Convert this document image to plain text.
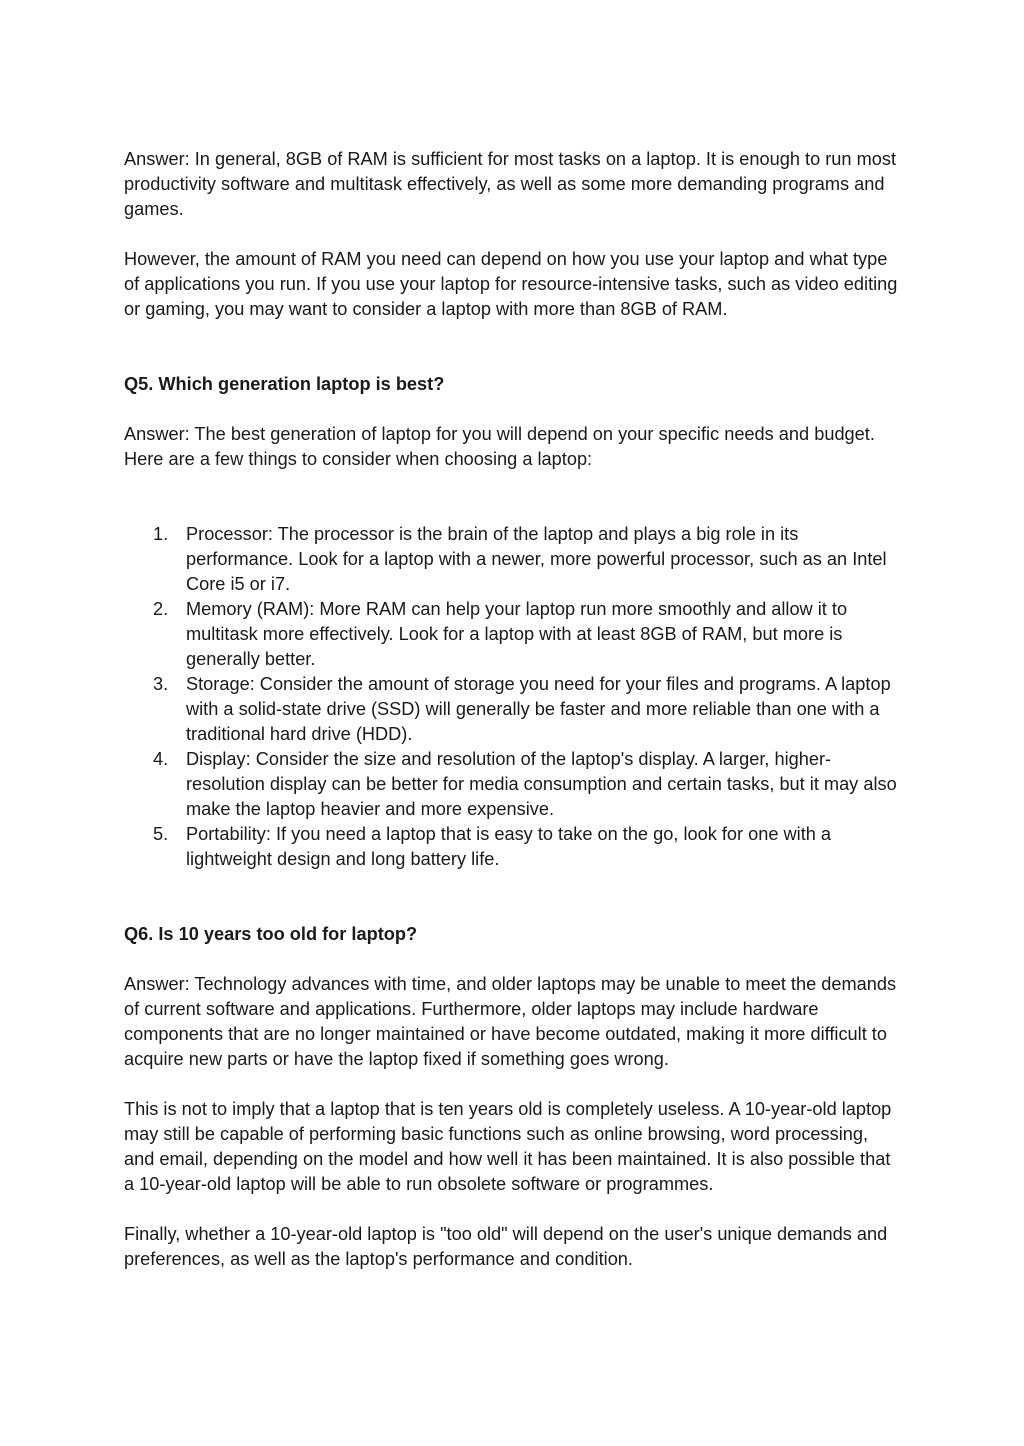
Answer: In general, 8GB of RAM is sufficient for most tasks on a laptop. It is enough to run most productivity software and multitask effectively, as well as some more demanding programs and games.

However, the amount of RAM you need can depend on how you use your laptop and what type of applications you run. If you use your laptop for resource-intensive tasks, such as video editing or gaming, you may want to consider a laptop with more than 8GB of RAM.

Q5. Which generation laptop is best?

Answer: The best generation of laptop for you will depend on your specific needs and budget. Here are a few things to consider when choosing a laptop:

1. Processor: The processor is the brain of the laptop and plays a big role in its performance. Look for a laptop with a newer, more powerful processor, such as an Intel Core i5 or i7.
2. Memory (RAM): More RAM can help your laptop run more smoothly and allow it to multitask more effectively. Look for a laptop with at least 8GB of RAM, but more is generally better.
3. Storage: Consider the amount of storage you need for your files and programs. A laptop with a solid-state drive (SSD) will generally be faster and more reliable than one with a traditional hard drive (HDD).
4. Display: Consider the size and resolution of the laptop's display. A larger, higher-resolution display can be better for media consumption and certain tasks, but it may also make the laptop heavier and more expensive.
5. Portability: If you need a laptop that is easy to take on the go, look for one with a lightweight design and long battery life.

Q6. Is 10 years too old for laptop?

Answer: Technology advances with time, and older laptops may be unable to meet the demands of current software and applications. Furthermore, older laptops may include hardware components that are no longer maintained or have become outdated, making it more difficult to acquire new parts or have the laptop fixed if something goes wrong.

This is not to imply that a laptop that is ten years old is completely useless. A 10-year-old laptop may still be capable of performing basic functions such as online browsing, word processing, and email, depending on the model and how well it has been maintained. It is also possible that a 10-year-old laptop will be able to run obsolete software or programmes.

Finally, whether a 10-year-old laptop is "too old" will depend on the user's unique demands and preferences, as well as the laptop's performance and condition.
